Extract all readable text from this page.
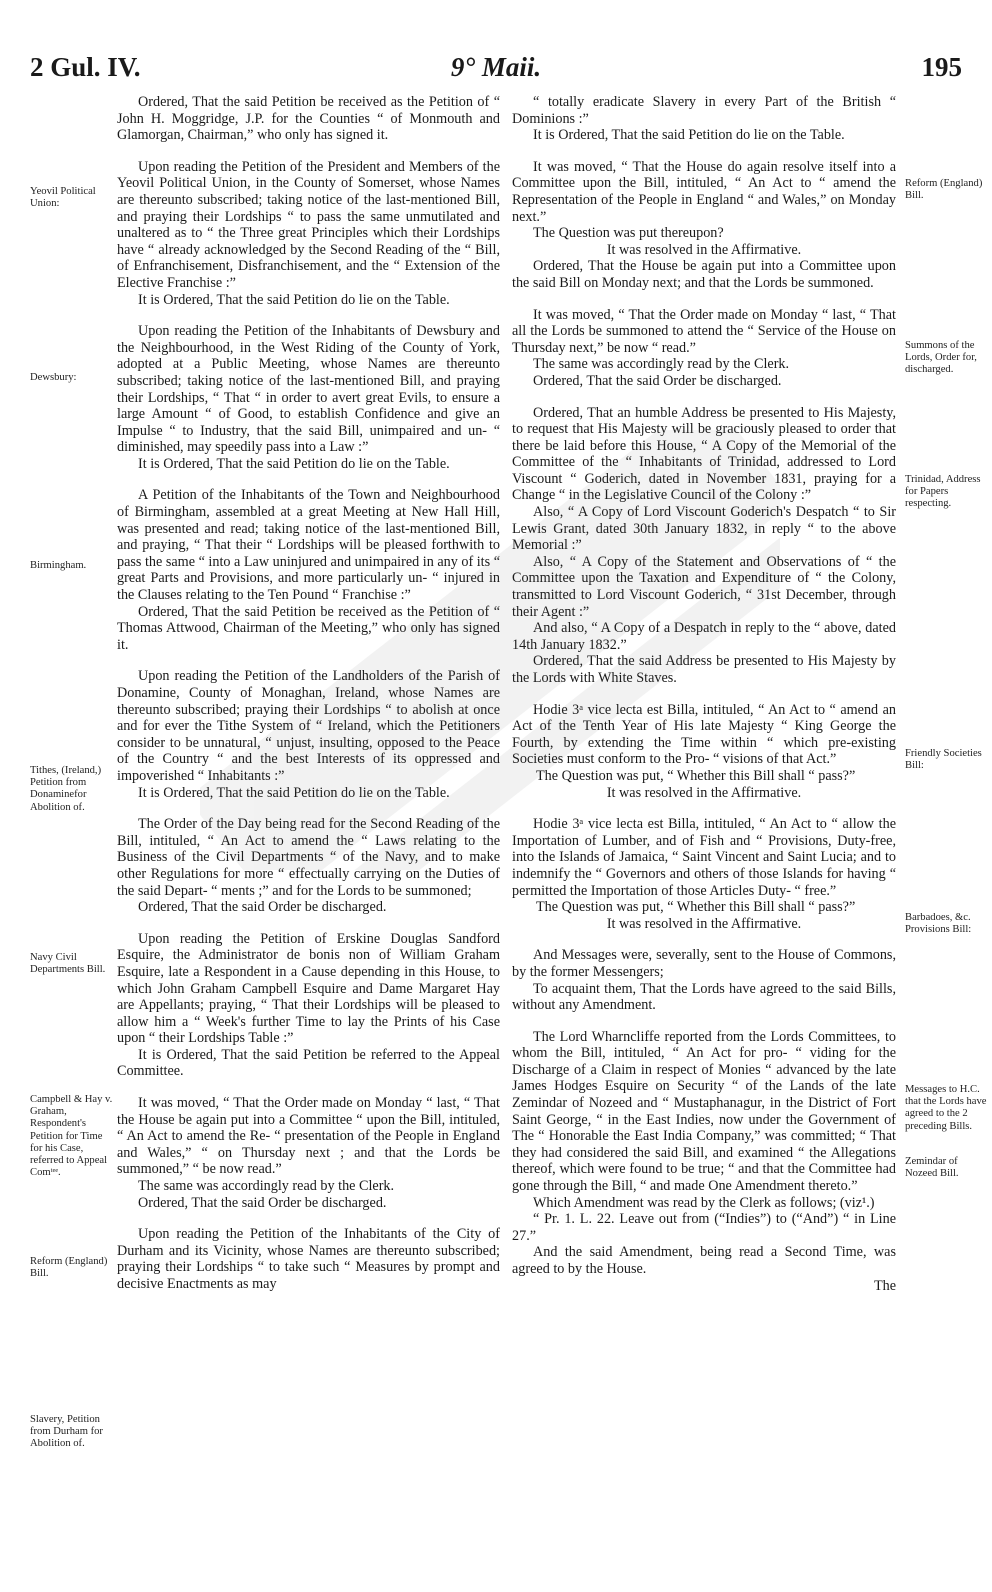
2 Gul. IV.	9° Maii.	195

Ordered, That the said Petition be received as the Petition of “ John H. Moggridge, J.P. for the Counties “ of Monmouth and Glamorgan, Chairman,” who only has signed it.

Upon reading the Petition of the President and Members of the Yeovil Political Union, in the County of Somerset, whose Names are thereunto subscribed; taking notice of the last-mentioned Bill, and praying their Lordships “ to pass the same unmutilated and unaltered as to “ the Three great Principles which their Lordships have “ already acknowledged by the Second Reading of the “ Bill, of Enfranchisement, Disfranchisement, and the “ Extension of the Elective Franchise :”

It is Ordered, That the said Petition do lie on the Table.

Upon reading the Petition of the Inhabitants of Dewsbury and the Neighbourhood, in the West Riding of the County of York, adopted at a Public Meeting, whose Names are thereunto subscribed; taking notice of the last-mentioned Bill, and praying their Lordships, “ That “ in order to avert great Evils, to ensure a large Amount “ of Good, to establish Confidence and give an Impulse “ to Industry, that the said Bill, unimpaired and un- “ diminished, may speedily pass into a Law :”

It is Ordered, That the said Petition do lie on the Table.

A Petition of the Inhabitants of the Town and Neighbourhood of Birmingham, assembled at a great Meeting at New Hall Hill, was presented and read; taking notice of the last-mentioned Bill, and praying, “ That their “ Lordships will be pleased forthwith to pass the same “ into a Law uninjured and unimpaired in any of its “ great Parts and Provisions, and more particularly un- “ injured in the Clauses relating to the Ten Pound “ Franchise :”

Ordered, That the said Petition be received as the Petition of “ Thomas Attwood, Chairman of the Meeting,” who only has signed it.

Upon reading the Petition of the Landholders of the Parish of Donamine, County of Monaghan, Ireland, whose Names are thereunto subscribed; praying their Lordships “ to abolish at once and for ever the Tithe System of “ Ireland, which the Petitioners consider to be unnatural, “ unjust, insulting, opposed to the Peace of the Country “ and the best Interests of its oppressed and impoverished “ Inhabitants :”

It is Ordered, That the said Petition do lie on the Table.

The Order of the Day being read for the Second Reading of the Bill, intituled, “ An Act to amend the “ Laws relating to the Business of the Civil Departments “ of the Navy, and to make other Regulations for more “ effectually carrying on the Duties of the said Depart- “ ments ;” and for the Lords to be summoned;

Ordered, That the said Order be discharged.

Upon reading the Petition of Erskine Douglas Sandford Esquire, the Administrator de bonis non of William Graham Esquire, late a Respondent in a Cause depending in this House, to which John Graham Campbell Esquire and Dame Margaret Hay are Appellants; praying, “ That their Lordships will be pleased to allow him a “ Week's further Time to lay the Prints of his Case upon “ their Lordships Table :”

It is Ordered, That the said Petition be referred to the Appeal Committee.

It was moved, “ That the Order made on Monday “ last, “ That the House be again put into a Committee “ upon the Bill, intituled, “ An Act to amend the Re- “ presentation of the People in England and Wales,” “ on Thursday next ; and that the Lords be summoned,” “ be now read.”

The same was accordingly read by the Clerk.

Ordered, That the said Order be discharged.

Upon reading the Petition of the Inhabitants of the City of Durham and its Vicinity, whose Names are thereunto subscribed; praying their Lordships “ to take such “ Measures by prompt and decisive Enactments as may

Yeovil Political Union:
Dewsbury:
Birmingham.
Tithes, (Ireland,) Petition from Donaminefor Abolition of.
Navy Civil Departments Bill.
Campbell & Hay v. Graham, Respondent's Petition for Time for his Case, referred to Appeal Comᵗᵉᵉ.
Reform (England) Bill.
Slavery, Petition from Durham for Abolition of.

“ totally eradicate Slavery in every Part of the British “ Dominions :”

It is Ordered, That the said Petition do lie on the Table.

It was moved, “ That the House do again resolve itself into a Committee upon the Bill, intituled, “ An Act to “ amend the Representation of the People in England “ and Wales,” on Monday next.”

The Question was put thereupon?

It was resolved in the Affirmative.

Ordered, That the House be again put into a Committee upon the said Bill on Monday next; and that the Lords be summoned.

It was moved, “ That the Order made on Monday “ last, “ That all the Lords be summoned to attend the “ Service of the House on Thursday next,” be now “ read.”

The same was accordingly read by the Clerk.

Ordered, That the said Order be discharged.

Ordered, That an humble Address be presented to His Majesty, to request that His Majesty will be graciously pleased to order that there be laid before this House, “ A Copy of the Memorial of the Committee of the “ Inhabitants of Trinidad, addressed to Lord Viscount “ Goderich, dated in November 1831, praying for a Change “ in the Legislative Council of the Colony :”

Also, “ A Copy of Lord Viscount Goderich's Despatch “ to Sir Lewis Grant, dated 30th January 1832, in reply “ to the above Memorial :”

Also, “ A Copy of the Statement and Observations of “ the Committee upon the Taxation and Expenditure of “ the Colony, transmitted to Lord Viscount Goderich, “ 31st December, through their Agent :”

And also, “ A Copy of a Despatch in reply to the “ above, dated 14th January 1832.”

Ordered, That the said Address be presented to His Majesty by the Lords with White Staves.

Hodie 3ᵃ vice lecta est Billa, intituled, “ An Act to “ amend an Act of the Tenth Year of His late Majesty “ King George the Fourth, by extending the Time within “ which pre-existing Societies must conform to the Pro- “ visions of that Act.”

The Question was put, “ Whether this Bill shall “ pass?”

It was resolved in the Affirmative.

Hodie 3ᵃ vice lecta est Billa, intituled, “ An Act to “ allow the Importation of Lumber, and of Fish and “ Provisions, Duty-free, into the Islands of Jamaica, “ Saint Vincent and Saint Lucia; and to indemnify the “ Governors and others of those Islands for having “ permitted the Importation of those Articles Duty- “ free.”

The Question was put, “ Whether this Bill shall “ pass?”

It was resolved in the Affirmative.

And Messages were, severally, sent to the House of Commons, by the former Messengers;

To acquaint them, That the Lords have agreed to the said Bills, without any Amendment.

The Lord Wharncliffe reported from the Lords Committees, to whom the Bill, intituled, “ An Act for pro- “ viding for the Discharge of a Claim in respect of Monies “ advanced by the late James Hodges Esquire on Security “ of the Lands of the late Zemindar of Nozeed and “ Mustaphanagur, in the District of Fort Saint George, “ in the East Indies, now under the Government of The “ Honorable the East India Company,” was committed; “ That they had considered the said Bill, and examined “ the Allegations thereof, which were found to be true; “ and that the Committee had gone through the Bill, “ and made One Amendment thereto.”

Which Amendment was read by the Clerk as follows; (viz¹.)

“ Pr. 1. L. 22. Leave out from (“Indies”) to (“And”) “ in Line 27.”

And the said Amendment, being read a Second Time, was agreed to by the House.

The

Reform (England) Bill.
Summons of the Lords, Order for, discharged.
Trinidad, Address for Papers respecting.
Friendly Societies Bill:
Barbadoes, &c. Provisions Bill:
Messages to H.C. that the Lords have agreed to the 2 preceding Bills.
Zemindar of Nozeed Bill.
